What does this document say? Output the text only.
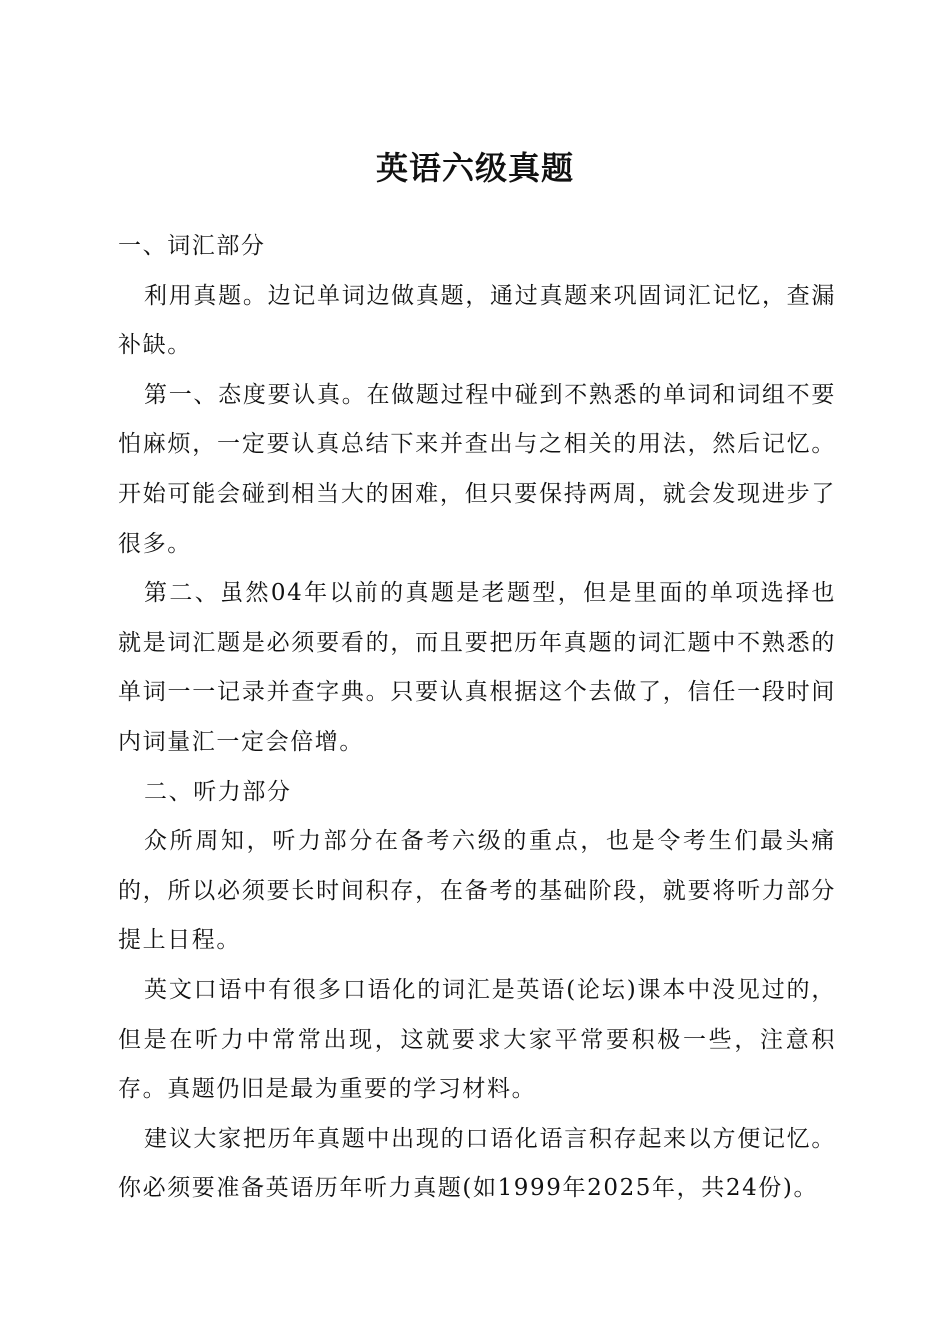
英语六级真题

一、词汇部分

利用真题。边记单词边做真题，通过真题来巩固词汇记忆，查漏补缺。

第一、态度要认真。在做题过程中碰到不熟悉的单词和词组不要怕麻烦，一定要认真总结下来并查出与之相关的用法，然后记忆。开始可能会碰到相当大的困难，但只要保持两周，就会发现进步了很多。

第二、虽然04年以前的真题是老题型，但是里面的单项选择也就是词汇题是必须要看的，而且要把历年真题的词汇题中不熟悉的单词一一记录并查字典。只要认真根据这个去做了，信任一段时间内词量汇一定会倍增。

二、听力部分

众所周知，听力部分在备考六级的重点，也是令考生们最头痛的，所以必须要长时间积存，在备考的基础阶段，就要将听力部分提上日程。

英文口语中有很多口语化的词汇是英语(论坛)课本中没见过的，但是在听力中常常出现，这就要求大家平常要积极一些，注意积存。真题仍旧是最为重要的学习材料。

建议大家把历年真题中出现的口语化语言积存起来以方便记忆。你必须要准备英语历年听力真题(如1999年2025年，共24份)。
